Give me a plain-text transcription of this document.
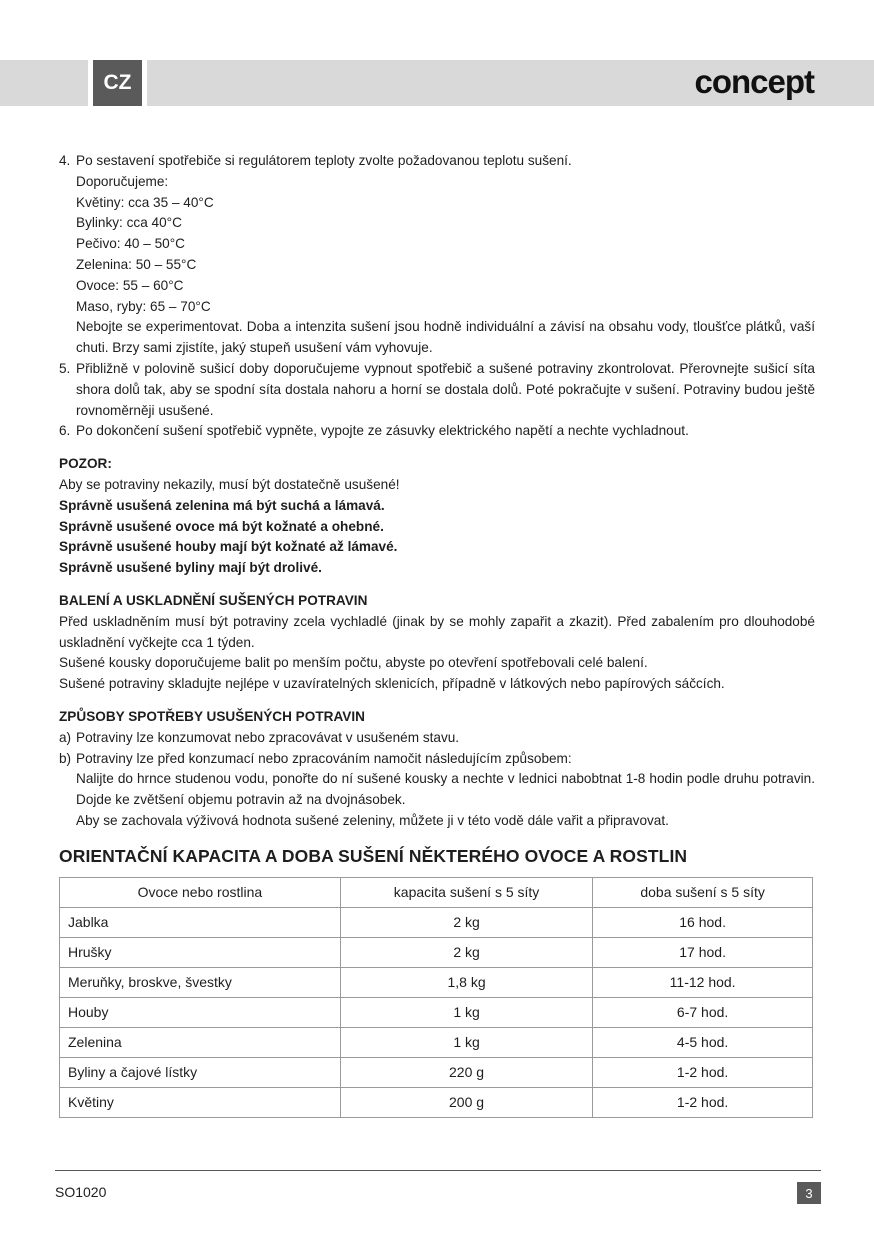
CZ	concept
4. Po sestavení spotřebiče si regulátorem teploty zvolte požadovanou teplotu sušení.
Doporučujeme:
Květiny: cca 35 – 40°C
Bylinky: cca 40°C
Pečivo: 40 – 50°C
Zelenina: 50 – 55°C
Ovoce: 55 – 60°C
Maso, ryby: 65 – 70°C
Nebojte se experimentovat. Doba a intenzita sušení jsou hodně individuální a závisí na obsahu vody, tloušťce plátků, vaší chuti. Brzy sami zjistíte, jaký stupeň usušení vám vyhovuje.
5. Přibližně v polovině sušicí doby doporučujeme vypnout spotřebič a sušené potraviny zkontrolovat. Přerovnejte sušicí síta shora dolů tak, aby se spodní síta dostala nahoru a horní se dostala dolů. Poté pokračujte v sušení. Potraviny budou ještě rovnoměrněji usušené.
6. Po dokončení sušení spotřebič vypněte, vypojte ze zásuvky elektrického napětí a nechte vychladnout.
POZOR:
Aby se potraviny nekazily, musí být dostatečně usušené!
Správně usušená zelenina má být suchá a lámavá.
Správně usušené ovoce má být kožnaté a ohebné.
Správně usušené houby mají být kožnaté až lámavé.
Správně usušené byliny mají být drolivé.
BALENÍ A USKLADNĚNÍ SUŠENÝCH POTRAVIN
Před uskladněním musí být potraviny zcela vychladlé (jinak by se mohly zapařit a zkazit). Před zabalením pro dlouhodobé uskladnění vyčkejte cca 1 týden.
Sušené kousky doporučujeme balit po menším počtu, abyste po otevření spotřebovali celé balení.
Sušené potraviny skladujte nejlépe v uzavíratelných sklenicích, případně v látkových nebo papírových sáčcích.
ZPŮSOBY SPOTŘEBY USUŠENÝCH POTRAVIN
a) Potraviny lze konzumovat nebo zpracovávat v usušeném stavu.
b) Potraviny lze před konzumací nebo zpracováním namočit následujícím způsobem:
Nalijte do hrnce studenou vodu, ponořte do ní sušené kousky a nechte v lednici nabobtnat 1-8 hodin podle druhu potravin. Dojde ke zvětšení objemu potravin až na dvojnásobek.
Aby se zachovala výživová hodnota sušené zeleniny, můžete ji v této vodě dále vařit a připravovat.
ORIENTAČNÍ KAPACITA A DOBA SUŠENÍ NĚKTERÉHO OVOCE A ROSTLIN
Ovoce nebo rostlina	kapacita sušení s 5 síty	doba sušení s 5 síty
Jablka	2 kg	16 hod.
Hrušky	2 kg	17 hod.
Meruňky, broskve, švestky	1,8 kg	11-12 hod.
Houby	1 kg	6-7 hod.
Zelenina	1 kg	4-5 hod.
Byliny a čajové lístky	220 g	1-2 hod.
Květiny	200 g	1-2 hod.
SO1020	3
